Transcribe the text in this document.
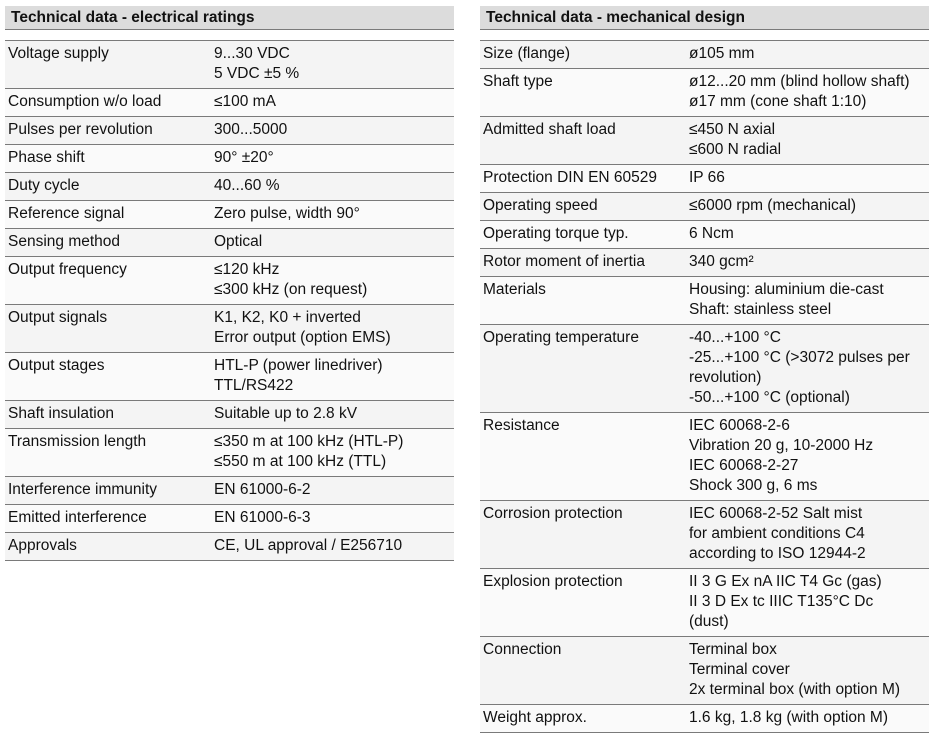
Technical data - electrical ratings
Voltage supply	9...30 VDC
5 VDC ±5 %
Consumption w/o load	≤100 mA
Pulses per revolution	300...5000
Phase shift	90° ±20°
Duty cycle	40...60 %
Reference signal	Zero pulse, width 90°
Sensing method	Optical
Output frequency	≤120 kHz
≤300 kHz (on request)
Output signals	K1, K2, K0 + inverted
Error output (option EMS)
Output stages	HTL-P (power linedriver)
TTL/RS422
Shaft insulation	Suitable up to 2.8 kV
Transmission length	≤350 m at 100 kHz (HTL-P)
≤550 m at 100 kHz (TTL)
Interference immunity	EN 61000-6-2
Emitted interference	EN 61000-6-3
Approvals	CE, UL approval / E256710
Technical data - mechanical design
Size (flange)	ø105 mm
Shaft type	ø12...20 mm (blind hollow shaft)
ø17 mm (cone shaft 1:10)
Admitted shaft load	≤450 N axial
≤600 N radial
Protection DIN EN 60529	IP 66
Operating speed	≤6000 rpm (mechanical)
Operating torque typ.	6 Ncm
Rotor moment of inertia	340 gcm²
Materials	Housing: aluminium die-cast
Shaft: stainless steel
Operating temperature	-40...+100 °C
-25...+100 °C (>3072 pulses per
revolution)
-50...+100 °C (optional)
Resistance	IEC 60068-2-6
Vibration 20 g, 10-2000 Hz
IEC 60068-2-27
Shock 300 g, 6 ms
Corrosion protection	IEC 60068-2-52 Salt mist
for ambient conditions C4
according to ISO 12944-2
Explosion protection	II 3 G Ex nA IIC T4 Gc (gas)
II 3 D Ex tc IIIC T135°C Dc
(dust)
Connection	Terminal box
Terminal cover
2x terminal box (with option M)
Weight approx.	1.6 kg, 1.8 kg (with option M)
